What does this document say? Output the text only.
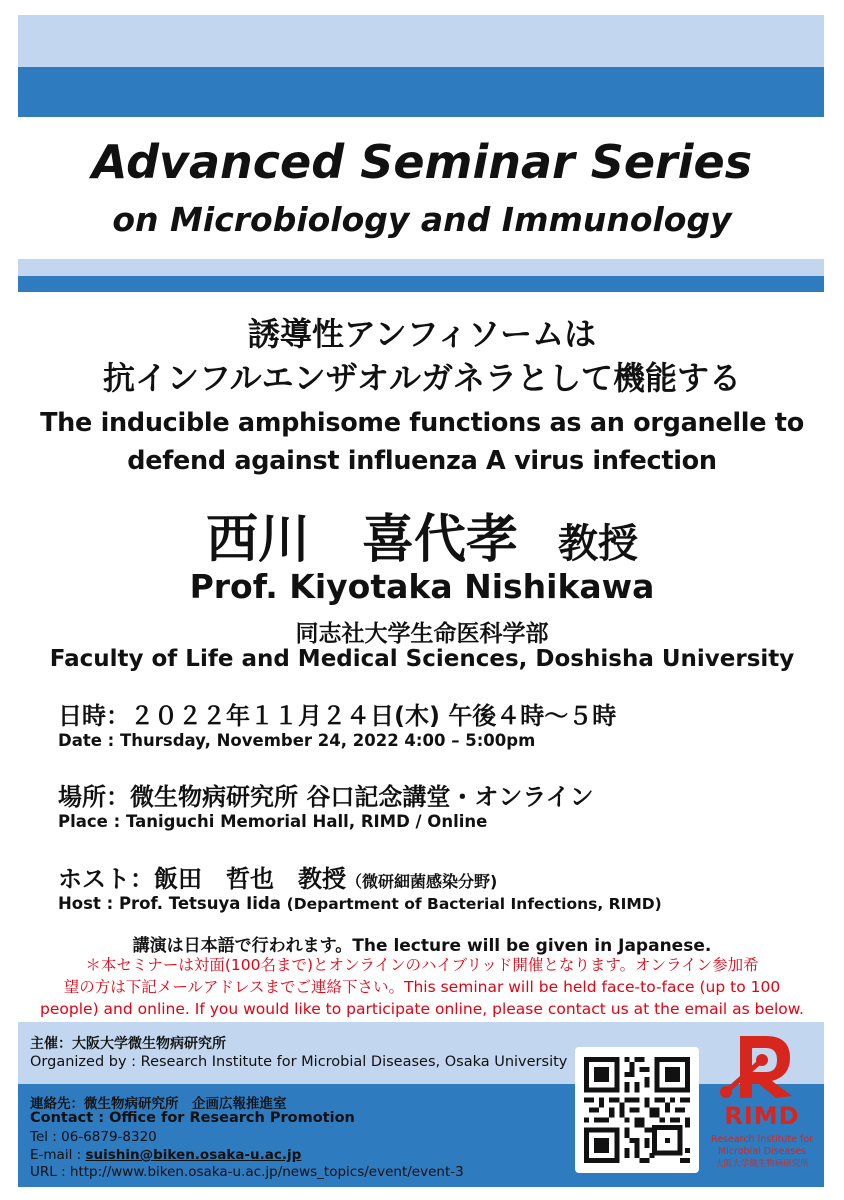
Advanced Seminar Series
on Microbiology and Immunology
誘導性アンフィソームは
抗インフルエンザオルガネラとして機能する
The inducible amphisome functions as an organelle to
defend against influenza A virus infection
西川 喜代孝 教授
Prof. Kiyotaka Nishikawa
同志社大学生命医科学部
Faculty of Life and Medical Sciences, Doshisha University
日時：２０２２年１１月２４日(木) 午後４時〜５時
Date : Thursday, November 24, 2022 4:00 – 5:00pm
場所：微生物病研究所 谷口記念講堂・オンライン
Place : Taniguchi Memorial Hall, RIMD / Online
ホスト：飯田　哲也　教授（微研細菌感染分野)
Host : Prof. Tetsuya Iida (Department of Bacterial Infections, RIMD)
講演は日本語で行われます。The lecture will be given in Japanese.
＊本セミナーは対面(100名まで)とオンラインのハイブリッド開催となります。オンライン参加希
望の方は下記メールアドレスまでご連絡下さい。This seminar will be held face-to-face (up to 100
people) and online. If you would like to participate online, please contact us at the email as below.
主催：大阪大学微生物病研究所
Organized by : Research Institute for Microbial Diseases, Osaka University
連絡先：微生物病研究所　企画広報推進室
Contact : Office for Research Promotion
Tel : 06-6879-8320
E-mail : suishin@biken.osaka-u.ac.jp
URL : http://www.biken.osaka-u.ac.jp/news_topics/event/event-3
RIMD
Research Institute for
Microbial Diseases
大阪大学微生物病研究所
